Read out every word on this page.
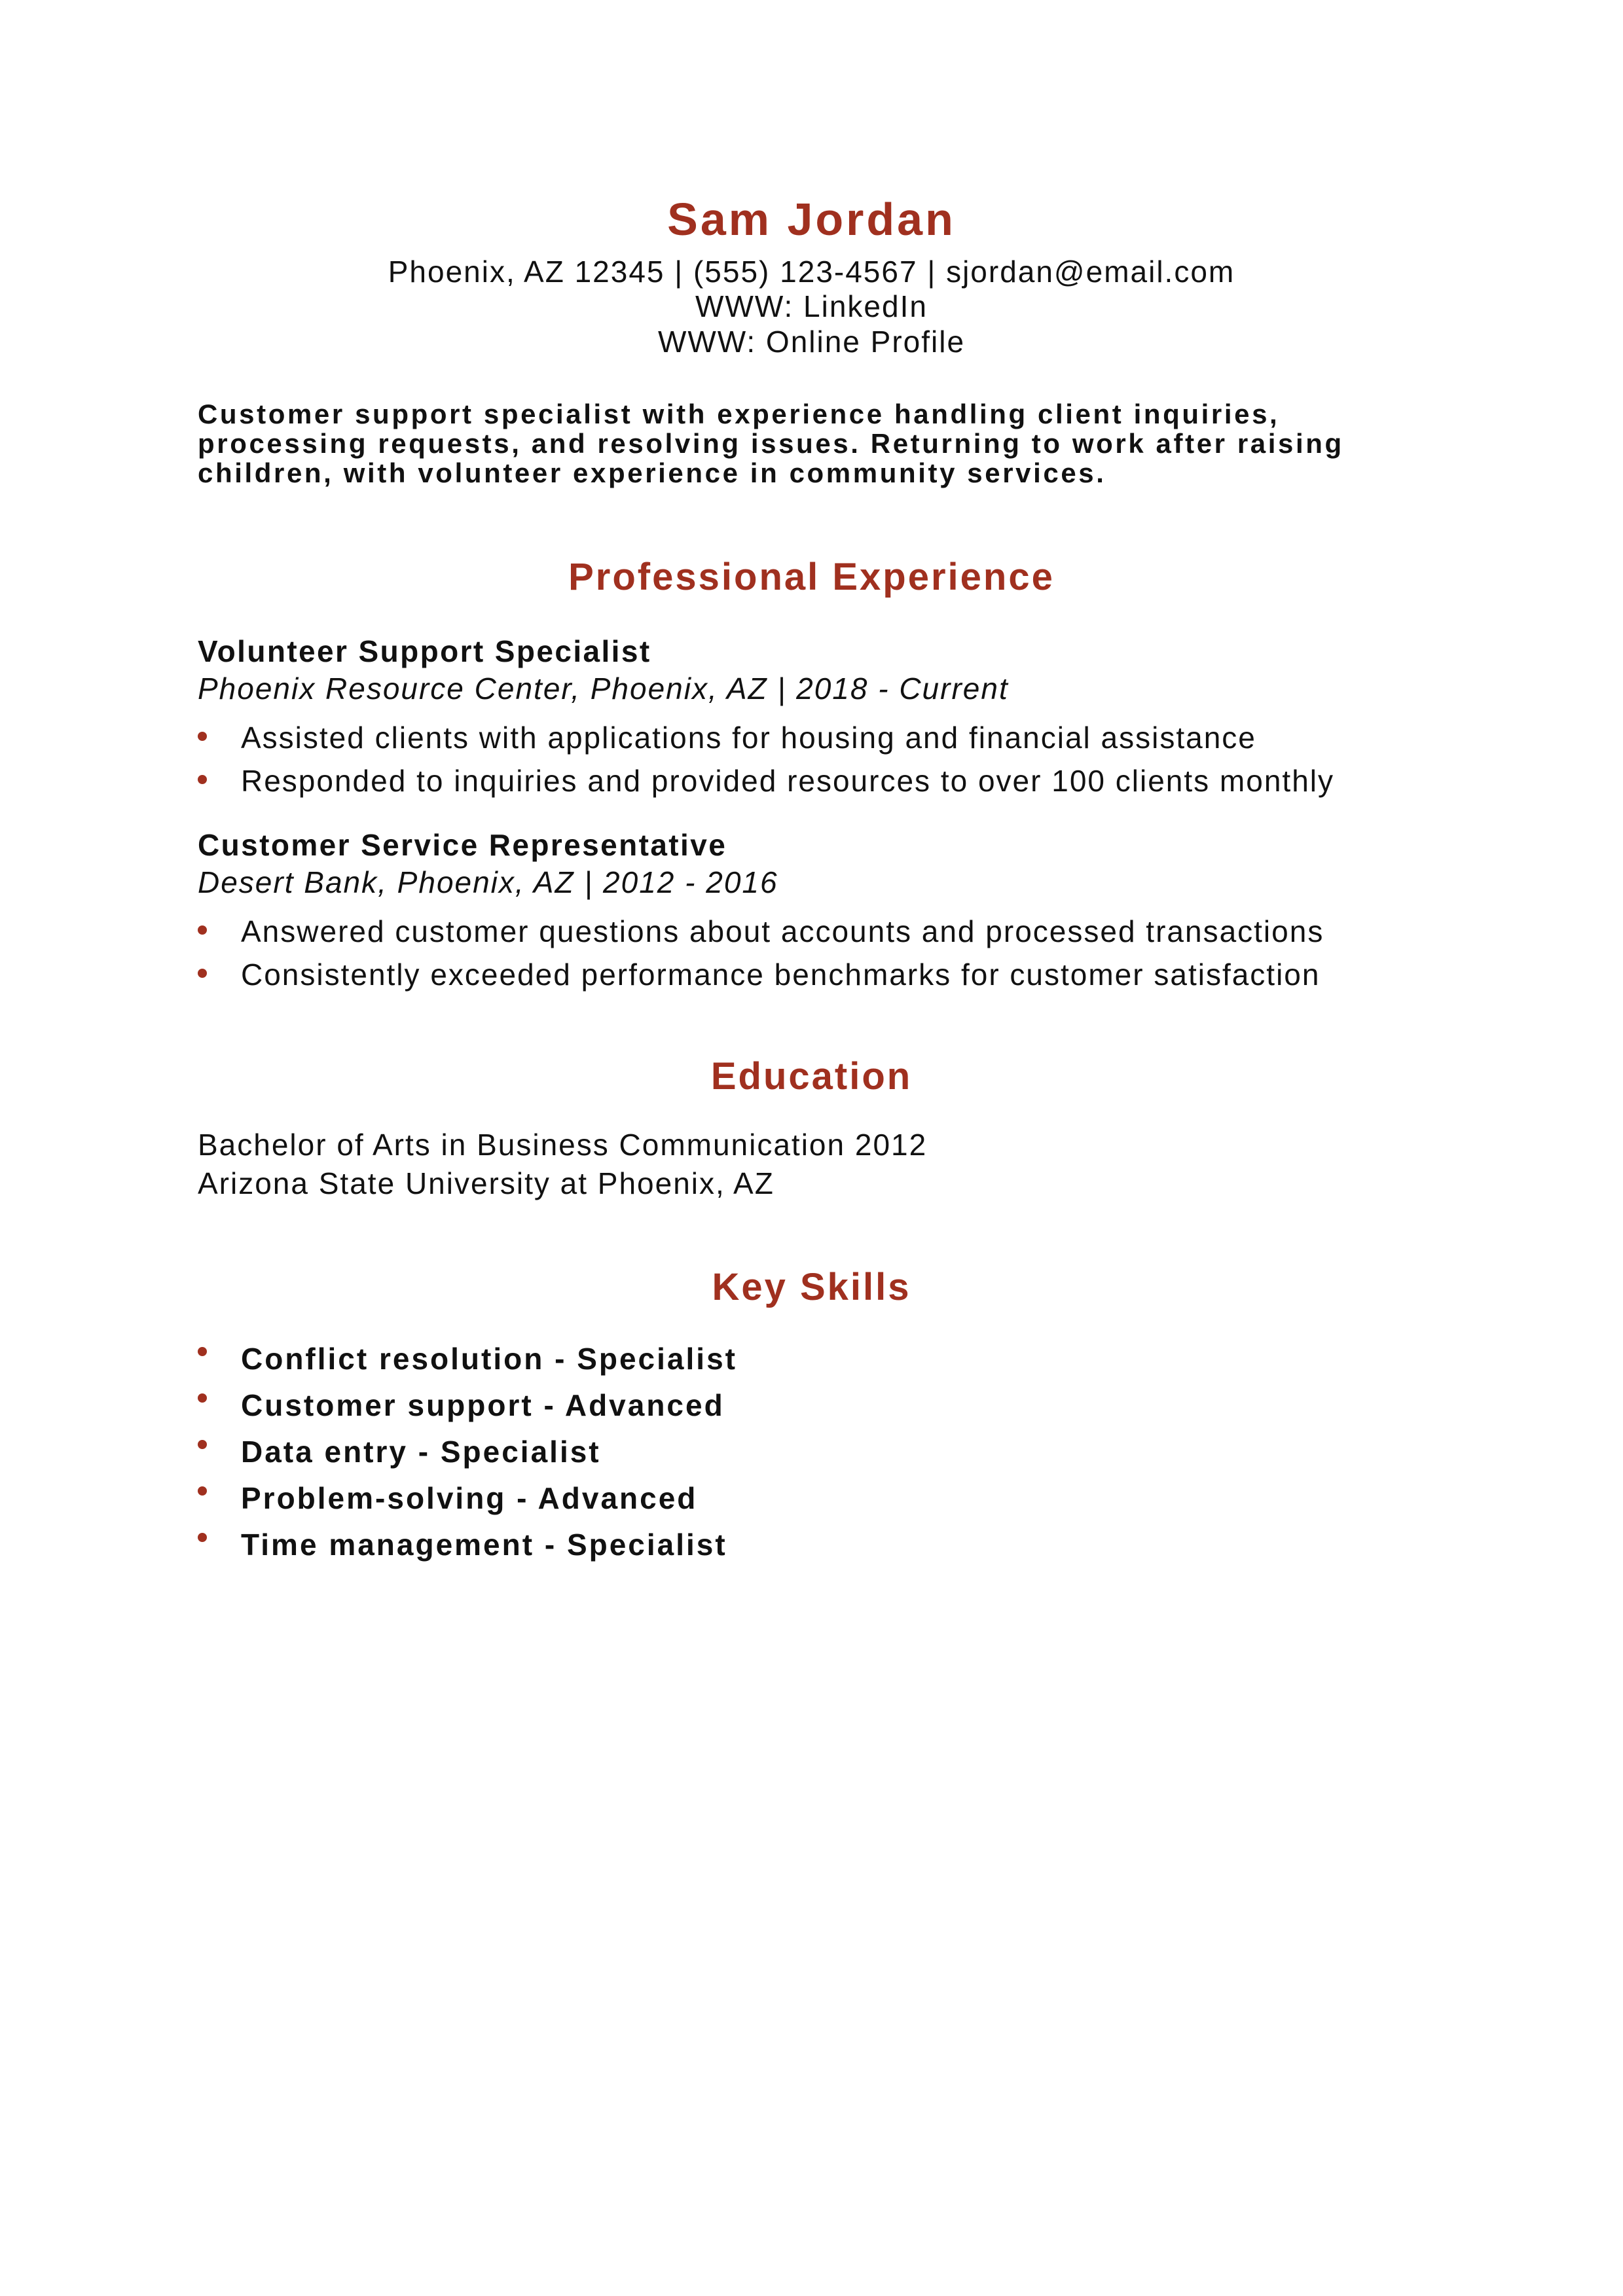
Sam Jordan
Phoenix, AZ 12345 | (555) 123-4567 | sjordan@email.com
WWW: LinkedIn
WWW: Online Profile
Customer support specialist with experience handling client inquiries, processing requests, and resolving issues. Returning to work after raising children, with volunteer experience in community services.
Professional Experience
Volunteer Support Specialist
Phoenix Resource Center, Phoenix, AZ | 2018 - Current
Assisted clients with applications for housing and financial assistance
Responded to inquiries and provided resources to over 100 clients monthly
Customer Service Representative
Desert Bank, Phoenix, AZ | 2012 - 2016
Answered customer questions about accounts and processed transactions
Consistently exceeded performance benchmarks for customer satisfaction
Education
Bachelor of Arts in Business Communication 2012
Arizona State University at Phoenix, AZ
Key Skills
Conflict resolution - Specialist
Customer support - Advanced
Data entry - Specialist
Problem-solving - Advanced
Time management - Specialist
